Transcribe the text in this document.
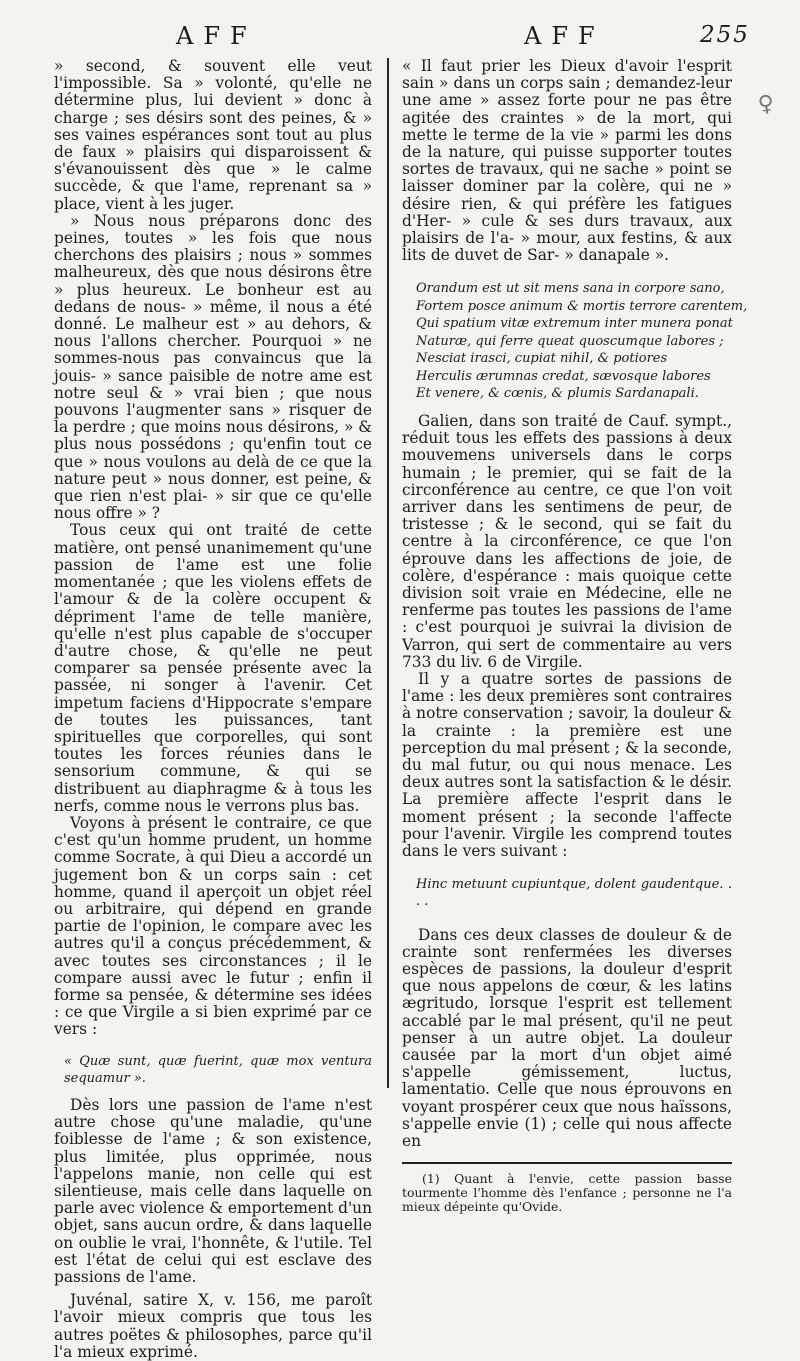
AFF	AFF	255
♀

» second, & souvent elle veut l'impossible. Sa » volonté, qu'elle ne détermine plus, lui devient » donc à charge ; ses désirs sont des peines, & » ses vaines espérances sont tout au plus de faux » plaisirs qui disparoissent & s'évanouissent dès que » le calme succède, & que l'ame, reprenant sa » place, vient à les juger.

» Nous nous préparons donc des peines, toutes » les fois que nous cherchons des plaisirs ; nous » sommes malheureux, dès que nous désirons être » plus heureux. Le bonheur est au dedans de nous- » même, il nous a été donné. Le malheur est » au dehors, & nous l'allons chercher. Pourquoi » ne sommes-nous pas convaincus que la jouis- » sance paisible de notre ame est notre seul & » vrai bien ; que nous pouvons l'augmenter sans » risquer de la perdre ; que moins nous désirons, » & plus nous possédons ; qu'enfin tout ce que » nous voulons au delà de ce que la nature peut » nous donner, est peine, & que rien n'est plai- » sir que ce qu'elle nous offre » ?

Tous ceux qui ont traité de cette matière, ont pensé unanimement qu'une passion de l'ame est une folie momentanée ; que les violens effets de l'amour & de la colère occupent & dépriment l'ame de telle manière, qu'elle n'est plus capable de s'occuper d'autre chose, & qu'elle ne peut comparer sa pensée présente avec la passée, ni songer à l'avenir. Cet impetum faciens d'Hippocrate s'empare de toutes les puissances, tant spirituelles que corporelles, qui sont toutes les forces réunies dans le sensorium commune, & qui se distribuent au diaphragme & à tous les nerfs, comme nous le verrons plus bas.

Voyons à présent le contraire, ce que c'est qu'un homme prudent, un homme comme Socrate, à qui Dieu a accordé un jugement bon & un corps sain : cet homme, quand il aperçoit un objet réel ou arbitraire, qui dépend en grande partie de l'opinion, le compare avec les autres qu'il a conçus précédemment, & avec toutes ses circonstances ; il le compare aussi avec le futur ; enfin il forme sa pensée, & détermine ses idées : ce que Virgile a si bien exprimé par ce vers :

« Quæ sunt, quæ fuerint, quæ mox ventura sequamur ».

Dès lors une passion de l'ame n'est autre chose qu'une maladie, qu'une foiblesse de l'ame ; & son existence, plus limitée, plus opprimée, nous l'appelons manie, non celle qui est silentieuse, mais celle dans laquelle on parle avec violence & emportement d'un objet, sans aucun ordre, & dans laquelle on oublie le vrai, l'honnête, & l'utile. Tel est l'état de celui qui est esclave des passions de l'ame.

Juvénal, satire X, v. 156, me paroît l'avoir mieux compris que tous les autres poëtes & philosophes, parce qu'il l'a mieux exprimé.

« Il faut prier les Dieux d'avoir l'esprit sain » dans un corps sain ; demandez-leur une ame » assez forte pour ne pas être agitée des craintes » de la mort, qui mette le terme de la vie » parmi les dons de la nature, qui puisse supporter toutes sortes de travaux, qui ne sache » point se laisser dominer par la colère, qui ne » désire rien, & qui préfère les fatigues d'Her- » cule & ses durs travaux, aux plaisirs de l'a- » mour, aux festins, & aux lits de duvet de Sar- » danapale ».

Orandum est ut sit mens sana in corpore sano,
Fortem posce animum & mortis terrore carentem,
Qui spatium vitæ extremum inter munera ponat
Naturæ, qui ferre queat quoscumque labores ;
Nesciat irasci, cupiat nihil, & potiores
Herculis ærumnas credat, sævosque labores
Et venere, & cœnis, & plumis Sardanapali.

Galien, dans son traité de Cauf. sympt., réduit tous les effets des passions à deux mouvemens universels dans le corps humain ; le premier, qui se fait de la circonférence au centre, ce que l'on voit arriver dans les sentimens de peur, de tristesse ; & le second, qui se fait du centre à la circonférence, ce que l'on éprouve dans les affections de joie, de colère, d'espérance : mais quoique cette division soit vraie en Médecine, elle ne renferme pas toutes les passions de l'ame : c'est pourquoi je suivrai la division de Varron, qui sert de commentaire au vers 733 du liv. 6 de Virgile.

Il y a quatre sortes de passions de l'ame : les deux premières sont contraires à notre conservation ; savoir, la douleur & la crainte : la première est une perception du mal présent ; & la seconde, du mal futur, ou qui nous menace. Les deux autres sont la satisfaction & le désir. La première affecte l'esprit dans le moment présent ; la seconde l'affecte pour l'avenir. Virgile les comprend toutes dans le vers suivant :

Hinc metuunt cupiuntque, dolent gaudentque. . . .

Dans ces deux classes de douleur & de crainte sont renfermées les diverses espèces de passions, la douleur d'esprit que nous appelons de cœur, & les latins ægritudo, lorsque l'esprit est tellement accablé par le mal présent, qu'il ne peut penser à un autre objet. La douleur causée par la mort d'un objet aimé s'appelle gémissement, luctus, lamentatio. Celle que nous éprouvons en voyant prospérer ceux que nous haïssons, s'appelle envie (1) ; celle qui nous affecte en

(1) Quant à l'envie, cette passion basse tourmente l'homme dès l'enfance ; personne ne l'a mieux dépeinte qu'Ovide.
